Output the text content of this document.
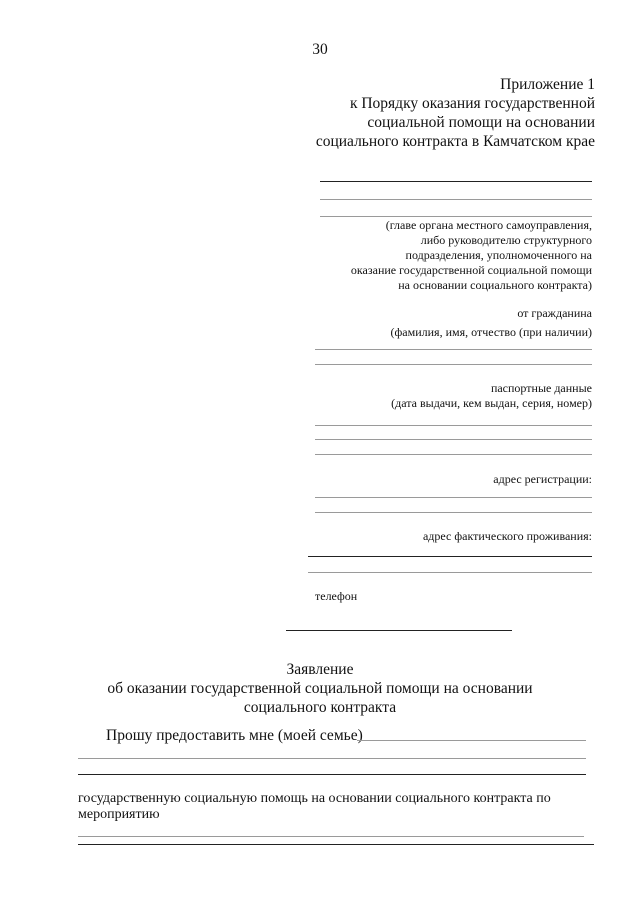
30
Приложение 1
к Порядку оказания государственной
социальной помощи на основании
социального контракта в Камчатском крае
(главе органа местного самоуправления,
либо руководителю структурного
подразделения, уполномоченного на
оказание государственной социальной помощи
на основании социального контракта)
от гражданина
(фамилия, имя, отчество (при наличии)
паспортные данные
(дата выдачи, кем выдан, серия, номер)
адрес регистрации:
адрес фактического проживания:
телефон
Заявление
об оказании государственной социальной помощи на основании
социального контракта
Прошу предоставить мне (моей семье)
государственную социальную помощь на основании социального контракта по
мероприятию
